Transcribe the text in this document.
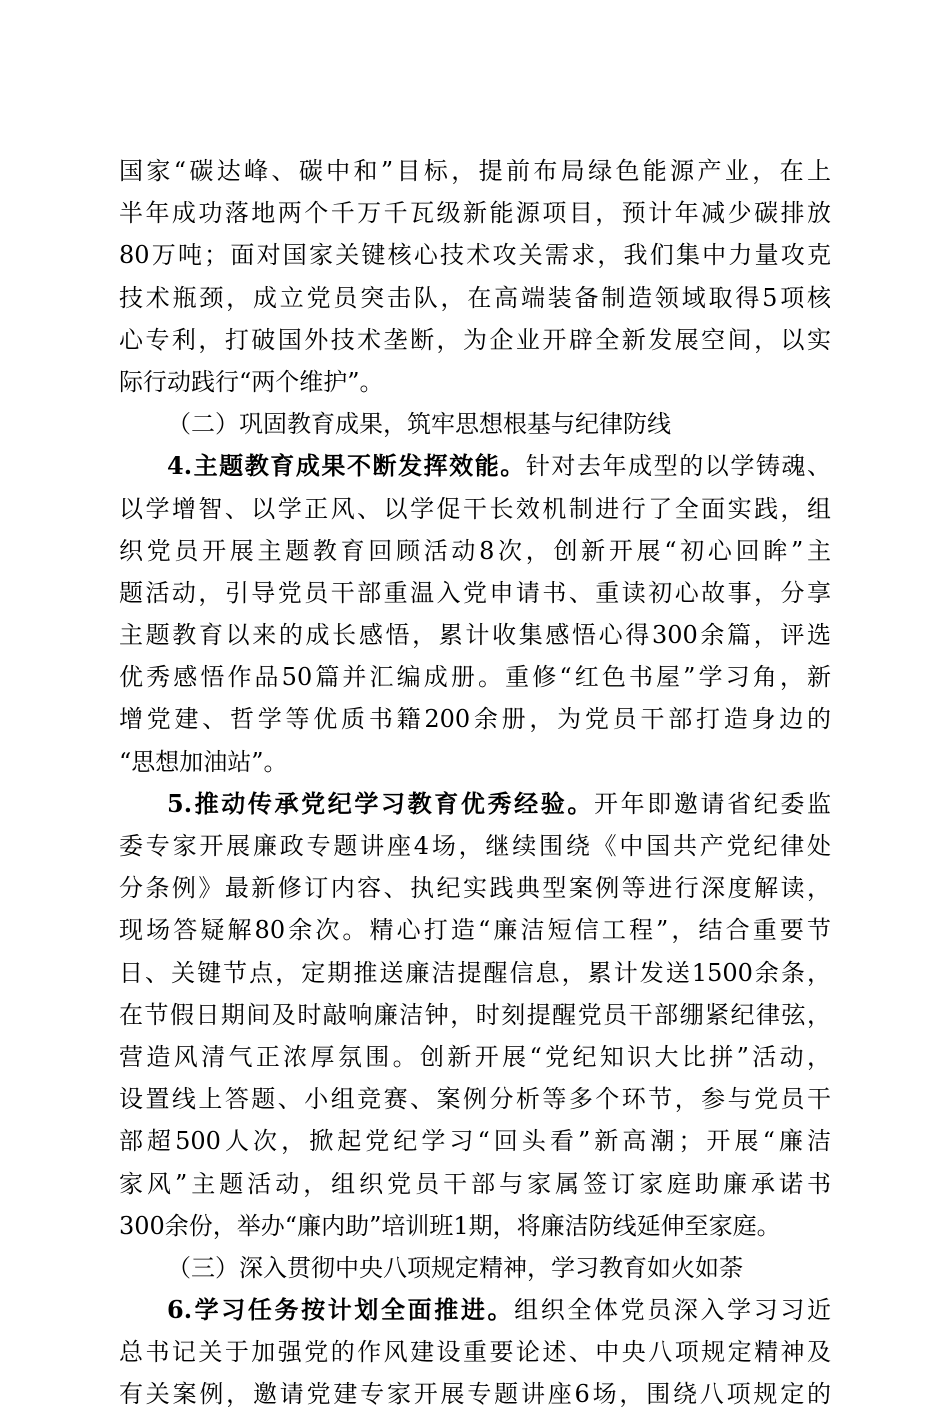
国家“碳达峰、碳中和”目标，提前布局绿色能源产业，在上
半年成功落地两个千万千瓦级新能源项目，预计年减少碳排放
80万吨；面对国家关键核心技术攻关需求，我们集中力量攻克
技术瓶颈，成立党员突击队，在高端装备制造领域取得5项核
心专利，打破国外技术垄断，为企业开辟全新发展空间，以实
际行动践行“两个维护”。
（二）巩固教育成果，筑牢思想根基与纪律防线
4.主题教育成果不断发挥效能。针对去年成型的以学铸魂、
以学增智、以学正风、以学促干长效机制进行了全面实践，组
织党员开展主题教育回顾活动8次，创新开展“初心回眸”主
题活动，引导党员干部重温入党申请书、重读初心故事，分享
主题教育以来的成长感悟，累计收集感悟心得300余篇，评选
优秀感悟作品50篇并汇编成册。重修“红色书屋”学习角，新
增党建、哲学等优质书籍200余册，为党员干部打造身边的
“思想加油站”。
5.推动传承党纪学习教育优秀经验。开年即邀请省纪委监
委专家开展廉政专题讲座4场，继续围绕《中国共产党纪律处
分条例》最新修订内容、执纪实践典型案例等进行深度解读，
现场答疑解80余次。精心打造“廉洁短信工程”，结合重要节
日、关键节点，定期推送廉洁提醒信息，累计发送1500余条，
在节假日期间及时敲响廉洁钟，时刻提醒党员干部绷紧纪律弦，
营造风清气正浓厚氛围。创新开展“党纪知识大比拼”活动，
设置线上答题、小组竞赛、案例分析等多个环节，参与党员干
部超500人次，掀起党纪学习“回头看”新高潮；开展“廉洁
家风”主题活动，组织党员干部与家属签订家庭助廉承诺书
300余份，举办“廉内助”培训班1期，将廉洁防线延伸至家庭。
（三）深入贯彻中央八项规定精神，学习教育如火如荼
6.学习任务按计划全面推进。组织全体党员深入学习习近
总书记关于加强党的作风建设重要论述、中央八项规定精神及
有关案例，邀请党建专家开展专题讲座6场，围绕八项规定的
